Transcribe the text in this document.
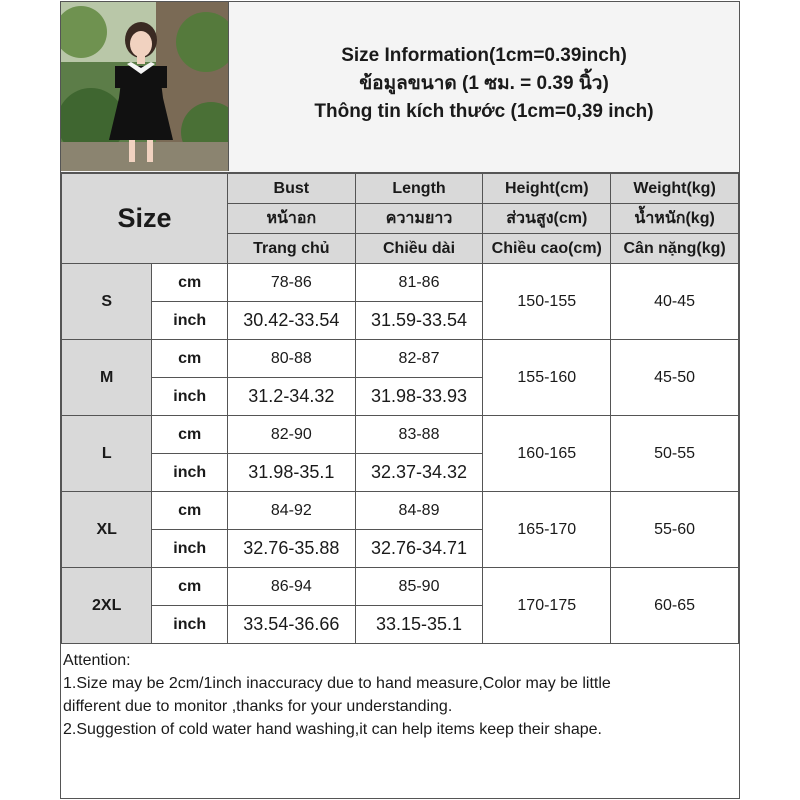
Size Information(1cm=0.39inch)
ข้อมูลขนาด (1 ซม. = 0.39 นิ้ว)
Thông tin kích thước (1cm=0,39 inch)
Size		Bust	Length	Height(cm)	Weight(kg)
		หน้าอก	ความยาว	ส่วนสูง(cm)	น้ำหนัก(kg)
		Trang chủ	Chiều dài	Chiều cao(cm)	Cân nặng(kg)
S	cm	78-86	81-86	150-155	40-45
	inch	30.42-33.54	31.59-33.54		
M	cm	80-88	82-87	155-160	45-50
	inch	31.2-34.32	31.98-33.93		
L	cm	82-90	83-88	160-165	50-55
	inch	31.98-35.1	32.37-34.32		
XL	cm	84-92	84-89	165-170	55-60
	inch	32.76-35.88	32.76-34.71		
2XL	cm	86-94	85-90	170-175	60-65
	inch	33.54-36.66	33.15-35.1		
Attention:
1.Size may be 2cm/1inch inaccuracy due to hand measure,Color may be little
different due to monitor ,thanks for your understanding.
2.Suggestion of cold water hand washing,it can help items keep their shape.
